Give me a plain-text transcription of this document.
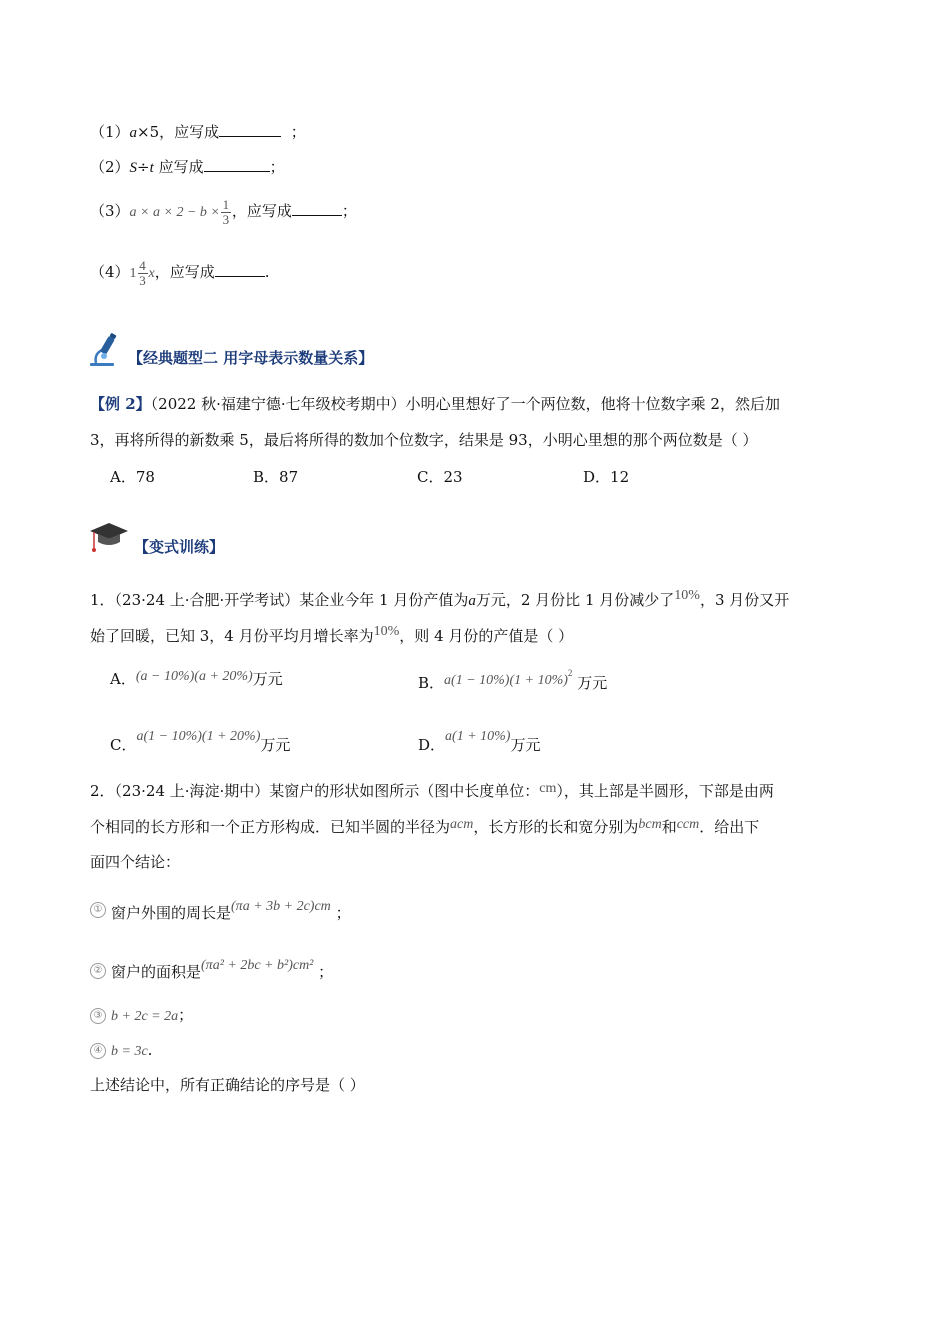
（1）a×5，应写成	；
（2）S÷t 应写成	；
$(3)a \times a \times 2 - b \times \frac{1}{3}$ ，应写成	；
$(4)1 \frac{4}{3}$ x，应写成	.
【经典题型二 用字母表示数量关系】
【例 2】（2022 秋·福建宁德·七年级校考期中）小明心里想好了一个两位数，他将十位数字乘 2，然后加
3，再将所得的新数乘 5，最后将所得的数加个位数字，结果是 93，小明心里想的那个两位数是（ ）
A．78	B．87	C．23	D．12
【变式训练】
1．（23·24 上·合肥·开学考试）某企业今年 1 月份产值为a万元，2 月份比 1 月份减少了10%，3 月份又开
始了回暖，已知 3，4 月份平均月增长率为10%，则 4 月份的产值是（ ）
A．(a − 10%)(a + 20%)万元	B．$a(1 - 10\%)(1 + 10\%)^2$ 万元
C．a(1 − 10%)(1 + 20%)万元	D．a(1 + 10%)万元
2．（23·24 上·海淀·期中）某窗户的形状如图所示（图中长度单位：cm），其上部是半圆形，下部是由两
个相同的长方形和一个正方形构成．已知半圆的半径为acm，长方形的长和宽分别为bcm和ccm．给出下
面四个结论：
① 窗户外围的周长是(πa + 3b + 2c)cm ；
② 窗户的面积是(πa² + 2bc + b²)cm² ；
③ b + 2c = 2a；
④ b = 3c.
上述结论中，所有正确结论的序号是（ ）
